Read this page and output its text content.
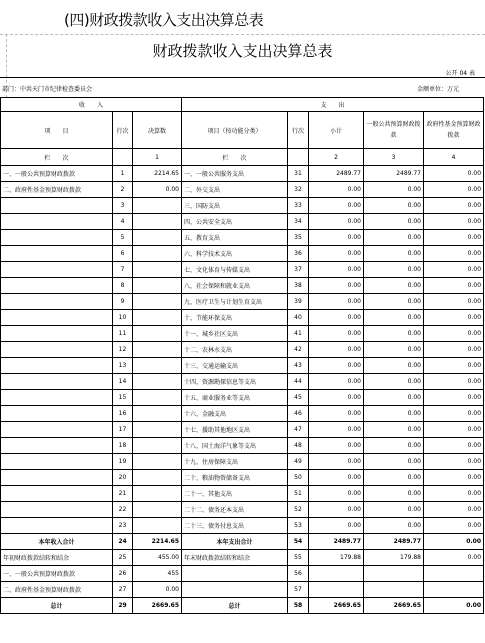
(四)财政拨款收入支出决算总表
财政拨款收入支出决算总表
公开 04 表
部门：中共天门市纪律检查委员会	金额单位：万元
收　　入			支　　出				
项　　目	行次	决算数	项目（按功能分类）	行次	小计	一般公共预算财政拨款	政府性基金预算财政拨款
栏　　次		1	栏　　次		2	3	4
一、一般公共预算财政拨款	1	2214.65	一、一般公共服务支出	31	2489.77	2489.77	0.00
二、政府性基金预算财政拨款	2	0.00	二、外交支出	32	0.00	0.00	0.00
	3		三、国防支出	33	0.00	0.00	0.00
	4		四、公共安全支出	34	0.00	0.00	0.00
	5		五、教育支出	35	0.00	0.00	0.00
	6		六、科学技术支出	36	0.00	0.00	0.00
	7		七、文化体育与传媒支出	37	0.00	0.00	0.00
	8		八、社会保障和就业支出	38	0.00	0.00	0.00
	9		九、医疗卫生与计划生育支出	39	0.00	0.00	0.00
	10		十、节能环保支出	40	0.00	0.00	0.00
	11		十一、城乡社区支出	41	0.00	0.00	0.00
	12		十二、农林水支出	42	0.00	0.00	0.00
	13		十三、交通运输支出	43	0.00	0.00	0.00
	14		十四、资源勘探信息等支出	44	0.00	0.00	0.00
	15		十五、商业服务业等支出	45	0.00	0.00	0.00
	16		十六、金融支出	46	0.00	0.00	0.00
	17		十七、援助其他地区支出	47	0.00	0.00	0.00
	18		十八、国土海洋气象等支出	48	0.00	0.00	0.00
	19		十九、住房保障支出	49	0.00	0.00	0.00
	20		二十、粮油物资储备支出	50	0.00	0.00	0.00
	21		二十一、其他支出	51	0.00	0.00	0.00
	22		二十二、债务还本支出	52	0.00	0.00	0.00
	23		二十三、债务付息支出	53	0.00	0.00	0.00
本年收入合计	24	2214.65	本年支出合计	54	2489.77	2489.77	0.00
年初财政拨款结转和结余	25	455.00	年末财政拨款结转和结余	55	179.88	179.88	0.00
一、一般公共预算财政拨款	26	455		56			
二、政府性基金预算财政拨款	27	0.00		57			
总计	29	2669.65	总计	58	2669.65	2669.65	0.00
